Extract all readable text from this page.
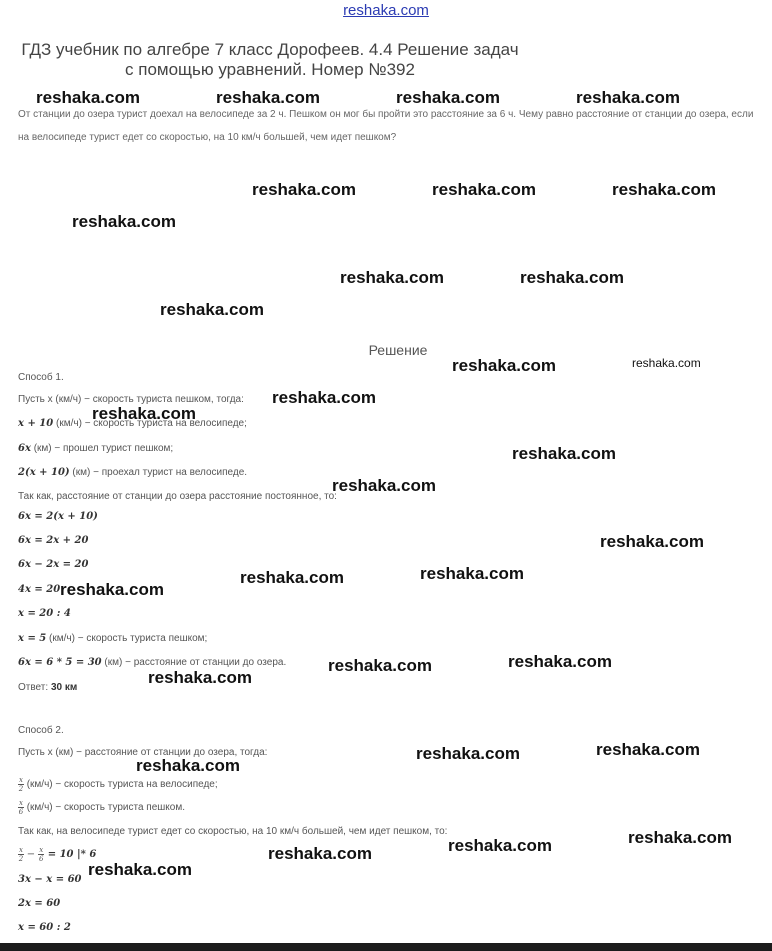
reshaka.com
ГДЗ учебник по алгебре 7 класс Дорофеев. 4.4 Решение задач
с помощью уравнений. Номер №392
От станции до озера турист доехал на велосипеде за 2 ч. Пешком он мог бы пройти это расстояние за 6 ч. Чему равно расстояние от станции до озера, если на велосипеде турист едет со скоростью, на 10 км/ч большей, чем идет пешком?
Решение
Способ 1.
Пусть x (км/ч) − скорость туриста пешком, тогда:
x + 10 (км/ч) − скорость туриста на велосипеде;
6x (км) − прошел турист пешком;
2(x + 10) (км) − проехал турист на велосипеде.
Так как, расстояние от станции до озера расстояние постоянное, то:
6x = 2(x + 10)
6x = 2x + 20
6x − 2x = 20
4x = 20
x = 20 : 4
x = 5 (км/ч) − скорость туриста пешком;
6x = 6 * 5 = 30 (км) − расстояние от станции до озера.
Ответ: 30 км
Способ 2.
Пусть x (км) − расстояние от станции до озера, тогда:
$\frac{x}{2} (км/ч)$ − скорость туриста на велосипеде;
$\frac{x}{6} (км/ч)$ − скорость туриста пешком.
Так как, на велосипеде турист едет со скоростью, на 10 км/ч большей, чем идет пешком, то:
$\frac{x}{2} - \frac{x}{6} = 10$ |* 6
3x − x = 60
2x = 60
x = 60 : 2
reshaka.com	reshaka.com	reshaka.com	reshaka.com
reshaka.com	reshaka.com	reshaka.com
reshaka.com
reshaka.com	reshaka.com
reshaka.com
reshaka.com	reshaka.com
reshaka.com
reshaka.com
reshaka.com
reshaka.com
reshaka.com
reshaka.com	reshaka.com
reshaka.com
reshaka.com	reshaka.com
reshaka.com
reshaka.com	reshaka.com
reshaka.com
reshaka.com
reshaka.com
reshaka.com
reshaka.com
